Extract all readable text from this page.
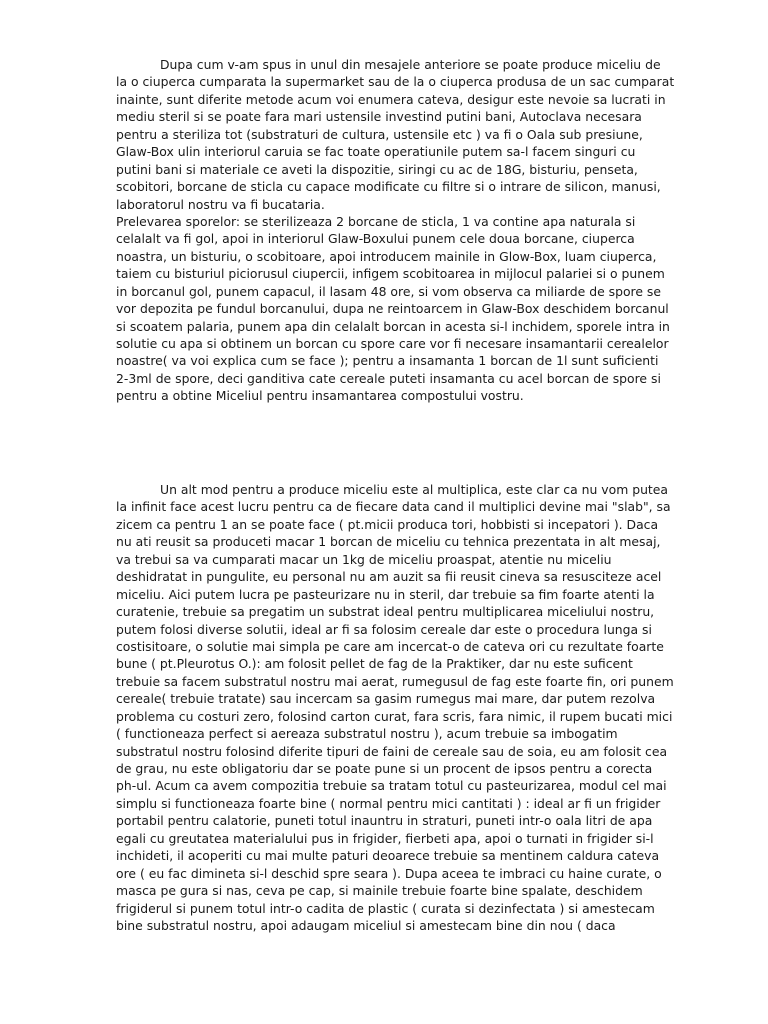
Dupa cum v-am spus in unul din mesajele anteriore se poate produce miceliu de
la o ciuperca cumparata la supermarket sau de la o ciuperca produsa de un sac cumparat
inainte, sunt diferite metode acum voi enumera cateva, desigur este nevoie sa lucrati in
mediu steril si se poate fara mari ustensile investind putini bani, Autoclava necesara
pentru a steriliza tot (substraturi de cultura, ustensile etc ) va fi o Oala sub presiune,
Glaw-Box ulin interiorul caruia se fac toate operatiunile putem sa-l facem singuri cu
putini bani si materiale ce aveti la dispozitie, siringi cu ac de 18G, bisturiu, penseta,
scobitori, borcane de sticla cu capace modificate cu filtre si o intrare de silicon, manusi,
laboratorul nostru va fi bucataria.
Prelevarea sporelor: se sterilizeaza 2 borcane de sticla, 1 va contine apa naturala si
celalalt va fi gol, apoi in interiorul Glaw-Boxului punem cele doua borcane, ciuperca
noastra, un bisturiu, o scobitoare, apoi introducem mainile in Glow-Box, luam ciuperca,
taiem cu bisturiul piciorusul ciupercii, infigem scobitoarea in mijlocul palariei si o punem
in borcanul gol, punem capacul, il lasam 48 ore, si vom observa ca miliarde de spore se
vor depozita pe fundul borcanului, dupa ne reintoarcem in Glaw-Box deschidem borcanul
si scoatem palaria, punem apa din celalalt borcan in acesta si-l inchidem, sporele intra in
solutie cu apa si obtinem un borcan cu spore care vor fi necesare insamantarii cerealelor
noastre( va voi explica cum se face ); pentru a insamanta 1 borcan de 1l sunt suficienti
2-3ml de spore, deci ganditiva cate cereale puteti insamanta cu acel borcan de spore si
pentru a obtine Miceliul pentru insamantarea compostului vostru.
Un alt mod pentru a produce miceliu este al multiplica, este clar ca nu vom putea
la infinit face acest lucru pentru ca de fiecare data cand il multiplici devine mai "slab", sa
zicem ca pentru 1 an se poate face ( pt.micii produca tori, hobbisti si incepatori ). Daca
nu ati reusit sa produceti macar 1 borcan de miceliu cu tehnica prezentata in alt mesaj,
va trebui sa va cumparati macar un 1kg de miceliu proaspat, atentie nu miceliu
deshidratat in pungulite, eu personal nu am auzit sa fii reusit cineva sa resusciteze acel
miceliu. Aici putem lucra pe pasteurizare nu in steril, dar trebuie sa fim foarte atenti la
curatenie, trebuie sa pregatim un substrat ideal pentru multiplicarea miceliului nostru,
putem folosi diverse solutii, ideal ar fi sa folosim cereale dar este o procedura lunga si
costisitoare, o solutie mai simpla pe care am incercat-o de cateva ori cu rezultate foarte
bune ( pt.Pleurotus O.): am folosit pellet de fag de la Praktiker, dar nu este suficent
trebuie sa facem substratul nostru mai aerat, rumegusul de fag este foarte fin, ori punem
cereale( trebuie tratate) sau incercam sa gasim rumegus mai mare, dar putem rezolva
problema cu costuri zero, folosind carton curat, fara scris, fara nimic, il rupem bucati mici
( functioneaza perfect si aereaza substratul nostru ), acum trebuie sa imbogatim
substratul nostru folosind diferite tipuri de faini de cereale sau de soia, eu am folosit cea
de grau, nu este obligatoriu dar se poate pune si un procent de ipsos pentru a corecta
ph-ul. Acum ca avem compozitia trebuie sa tratam totul cu pasteurizarea, modul cel mai
simplu si functioneaza foarte bine ( normal pentru mici cantitati ) : ideal ar fi un frigider
portabil pentru calatorie, puneti totul inauntru in straturi, puneti intr-o oala litri de apa
egali cu greutatea materialului pus in frigider, fierbeti apa, apoi o turnati in frigider si-l
inchideti, il acoperiti cu mai multe paturi deoarece trebuie sa mentinem caldura cateva
ore ( eu fac dimineta si-l deschid spre seara ). Dupa aceea te imbraci cu haine curate, o
masca pe gura si nas, ceva pe cap, si mainile trebuie foarte bine spalate, deschidem
frigiderul si punem totul intr-o cadita de plastic ( curata si dezinfectata ) si amestecam
bine substratul nostru, apoi adaugam miceliul si amestecam bine din nou ( daca
